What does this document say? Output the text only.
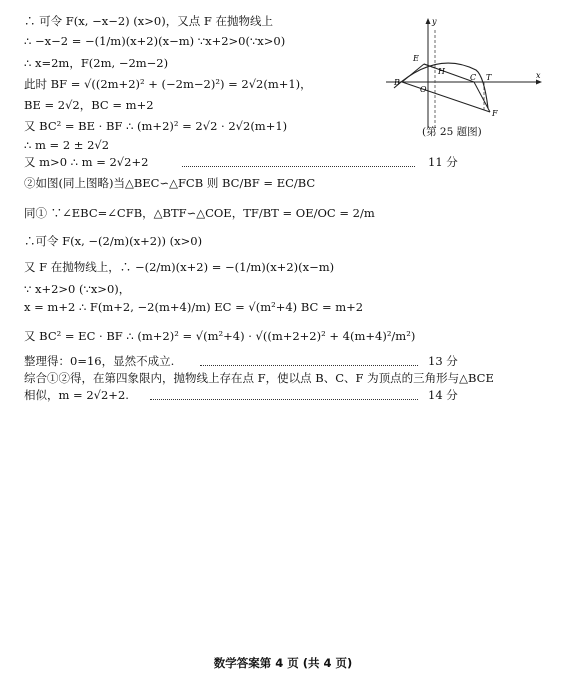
y
x
E
H
B
O
C T
F
(第 25 题图)
∴ 可令 F(x, −x−2) (x>0)，又点 F 在抛物线上
∴ −x−2 = −(1/m)(x+2)(x−m) ∵x+2>0(∵x>0)
∴ x=2m，F(2m, −2m−2)
此时 BF = √((2m+2)² + (−2m−2)²) = 2√2(m+1)，
BE = 2√2，BC = m+2
又 BC² = BE · BF ∴ (m+2)² = 2√2 · 2√2(m+1)
∴ m = 2 ± 2√2
又 m>0 ∴ m = 2√2+2	11 分
②如图(同上图略)当△BEC∽△FCB 则 BC/BF = EC/BC
同① ∵∠EBC=∠CFB，△BTF∽△COE，TF/BT = OE/OC = 2/m
∴可令 F(x, −(2/m)(x+2)) (x>0)
又 F 在抛物线上，∴ −(2/m)(x+2) = −(1/m)(x+2)(x−m)
∵ x+2>0 (∵x>0)，
x = m+2 ∴ F(m+2, −2(m+4)/m) EC = √(m²+4) BC = m+2
又 BC² = EC · BF ∴ (m+2)² = √(m²+4) · √((m+2+2)² + 4(m+4)²/m²)
整理得：0=16，显然不成立.	13 分
综合①②得，在第四象限内，抛物线上存在点 F，使以点 B、C、F 为顶点的三角形与△BCE
相似，m = 2√2+2.	14 分
数学答案第 4 页 (共 4 页)
